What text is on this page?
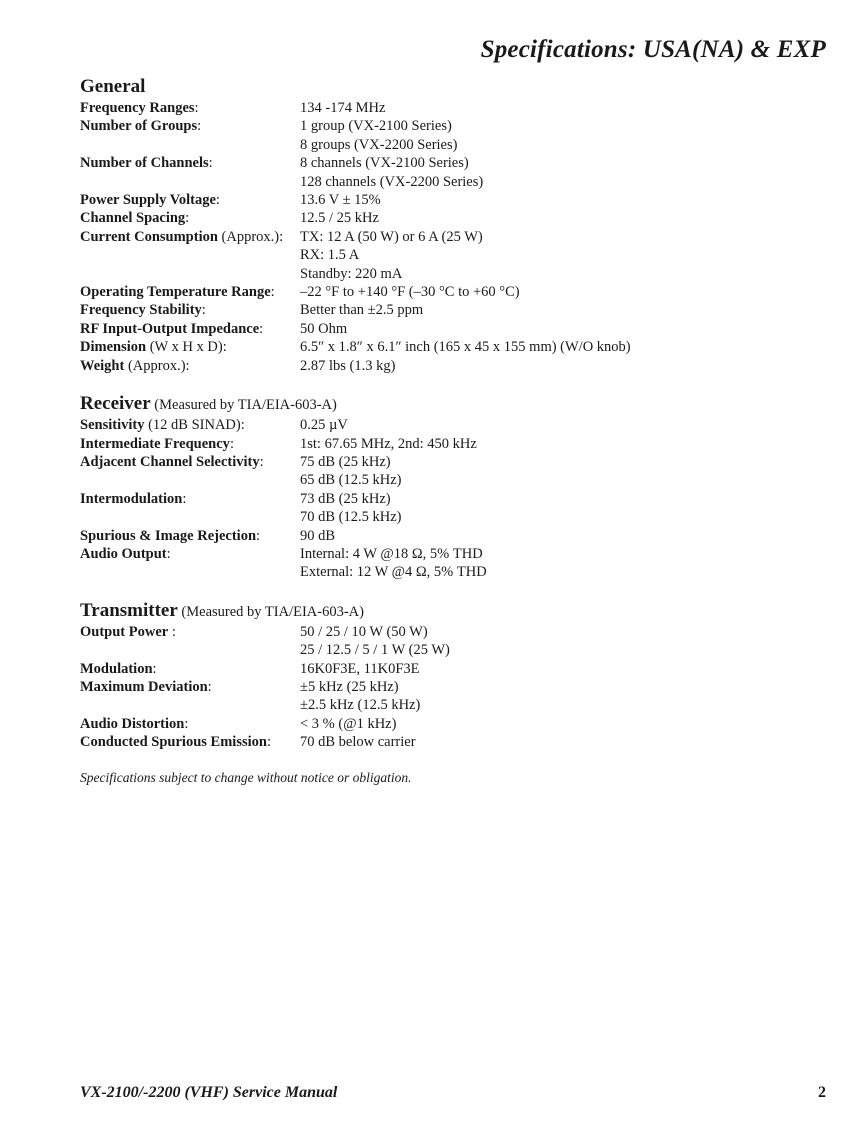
Specifications: USA(NA) & EXP
General
Frequency Ranges:	134 -174 MHz
Number of Groups:	1 group (VX-2100 Series)
8 groups (VX-2200 Series)
Number of Channels:	8 channels (VX-2100 Series)
128 channels (VX-2200 Series)
Power Supply Voltage:	13.6 V ± 15%
Channel Spacing:	12.5 / 25 kHz
Current Consumption (Approx.):	TX: 12 A (50 W) or 6 A (25 W)
RX: 1.5 A
Standby: 220 mA
Operating Temperature Range:	–22 °F to +140 °F (–30 °C to +60 °C)
Frequency Stability:	Better than ±2.5 ppm
RF Input-Output Impedance:	50 Ohm
Dimension (W x H x D):	6.5″ x 1.8″ x 6.1″ inch (165 x 45 x 155 mm) (W/O knob)
Weight (Approx.):	2.87 lbs (1.3 kg)
Receiver (Measured by TIA/EIA-603-A)
Sensitivity (12 dB SINAD):	0.25 µV
Intermediate Frequency:	1st: 67.65 MHz, 2nd: 450 kHz
Adjacent Channel Selectivity:	75 dB (25 kHz)
65 dB (12.5 kHz)
Intermodulation:	73 dB (25 kHz)
70 dB (12.5 kHz)
Spurious & Image Rejection:	90 dB
Audio Output:	Internal: 4 W @18 Ω, 5% THD
External: 12 W @4 Ω, 5% THD
Transmitter (Measured by TIA/EIA-603-A)
Output Power :	50 / 25 / 10 W (50 W)
25 / 12.5 / 5 / 1 W (25 W)
Modulation:	16K0F3E, 11K0F3E
Maximum Deviation:	±5 kHz (25 kHz)
±2.5 kHz (12.5 kHz)
Audio Distortion:	< 3 % (@1 kHz)
Conducted Spurious Emission:	70 dB below carrier
Specifications subject to change without notice or obligation.
VX-2100/-2200 (VHF) Service Manual	2
